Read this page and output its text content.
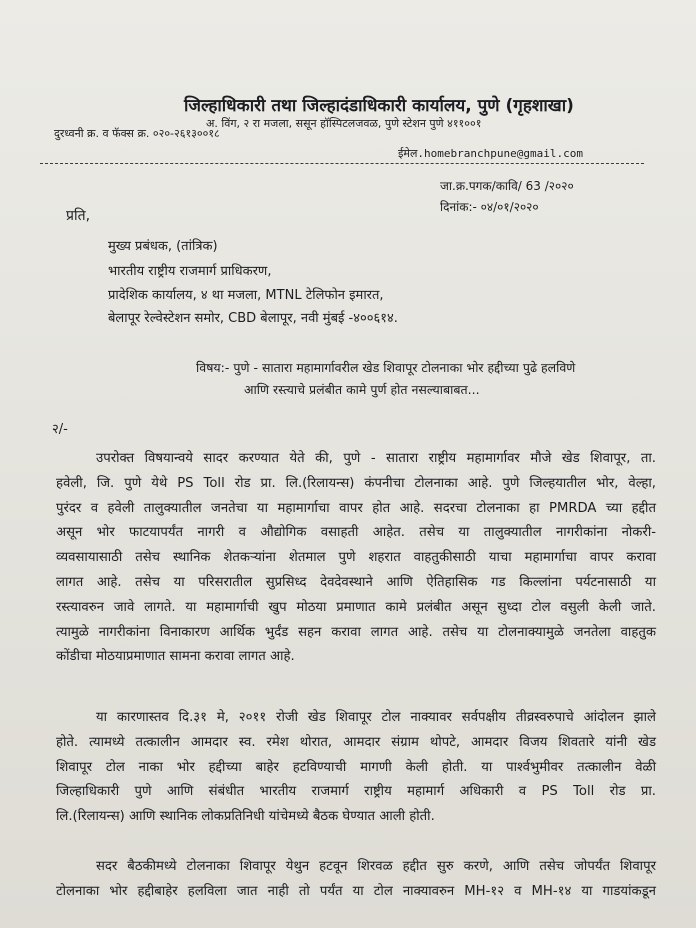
जिल्हाधिकारी तथा जिल्हादंडाधिकारी कार्यालय, पुणे (गृहशाखा)
अ. विंग, २ रा मजला, ससून हॉस्पिटलजवळ, पुणे स्टेशन पुणे ४११००१
दुरध्वनी क्र. व फॅक्स क्र. ०२०-२६१३००१८
ईमेल.homebranchpune@gmail.com
जा.क्र.पगक/कावि/ 63 /२०२०
दिनांक:- ०४/०१/२०२०
प्रति,
मुख्य प्रबंधक, (तांत्रिक)
भारतीय राष्ट्रीय राजमार्ग प्राधिकरण,
प्रादेशिक कार्यालय, ४ था मजला, MTNL टेलिफोन इमारत,
बेलापूर रेल्वेस्टेशन समोर, CBD बेलापूर, नवी मुंबई -४००६१४.
विषय:- पुणे - सातारा महामार्गावरील खेड शिवापूर टोलनाका भोर हद्दीच्या पुढे हलविणे
आणि रस्त्याचे प्रलंबीत कामे पुर्ण होत नसल्याबाबत...
२/-
उपरोक्त विषयान्वये सादर करण्यात येते की, पुणे - सातारा राष्ट्रीय महामार्गावर मौजे खेड शिवापूर, ता.
हवेली, जि. पुणे येथे PS Toll रोड प्रा. लि.(रिलायन्स) कंपनीचा टोलनाका आहे. पुणे जिल्हयातील भोर, वेल्हा,
पुरंदर व हवेली तालुक्यातील जनतेचा या महामार्गाचा वापर होत आहे. सदरचा टोलनाका हा PMRDA च्या हद्दीत
असून भोर फाटयापर्यंत नागरी व औद्योगिक वसाहती आहेत. तसेच या तालुक्यातील नागरीकांना नोकरी-
व्यवसायासाठी तसेच स्थानिक शेतकऱ्यांना शेतमाल पुणे शहरात वाहतुकीसाठी याचा महामार्गाचा वापर करावा
लागत आहे. तसेच या परिसरातील सुप्रसिध्द देवदेवस्थाने आणि ऐतिहासिक गड किल्लांना पर्यटनासाठी या
रस्त्यावरुन जावे लागते. या महामार्गाची खुप मोठया प्रमाणात कामे प्रलंबीत असून सुध्दा टोल वसुली केली जाते.
त्यामुळे नागरीकांना विनाकारण आर्थिक भुर्दंड सहन करावा लागत आहे. तसेच या टोलनाक्यामुळे जनतेला वाहतुक
कोंडीचा मोठयाप्रमाणात सामना करावा लागत आहे.
या कारणास्तव दि.३१ मे, २०११ रोजी खेड शिवापूर टोल नाक्यावर सर्वपक्षीय तीव्रस्वरुपाचे आंदोलन झाले
होते. त्यामध्ये तत्कालीन आमदार स्व. रमेश थोरात, आमदार संग्राम थोपटे, आमदार विजय शिवतारे यांनी खेड
शिवापूर टोल नाका भोर हद्दीच्या बाहेर हटविण्याची मागणी केली होती. या पार्श्वभुमीवर तत्कालीन वेळी
जिल्हाधिकारी पुणे आणि संबंधीत भारतीय राजमार्ग राष्ट्रीय महामार्ग अधिकारी व PS Toll रोड प्रा.
लि.(रिलायन्स) आणि स्थानिक लोकप्रतिनिधी यांचेमध्ये बैठक घेण्यात आली होती.
सदर बैठकीमध्ये टोलनाका शिवापूर येथुन हटवून शिरवळ हद्दीत सुरु करणे, आणि तसेच जोपर्यंत शिवापूर
टोलनाका भोर हद्दीबाहेर हलविला जात नाही तो पर्यंत या टोल नाक्यावरुन MH-१२ व MH-१४ या गाडयांकडून
